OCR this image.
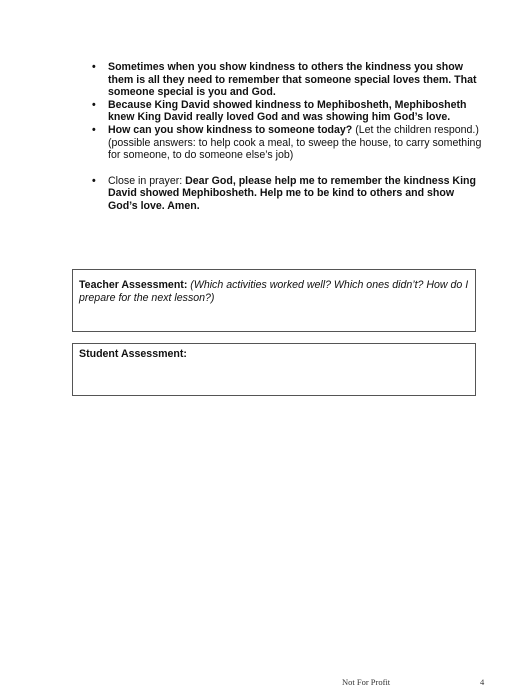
• Sometimes when you show kindness to others the kindness you show them is all they need to remember that someone special loves them. That someone special is you and God.
• Because King David showed kindness to Mephibosheth, Mephibosheth knew King David really loved God and was showing him God’s love.
• How can you show kindness to someone today? (Let the children respond.) (possible answers: to help cook a meal, to sweep the house, to carry something for someone, to do someone else’s job)
• Close in prayer: Dear God, please help me to remember the kindness King David showed Mephibosheth. Help me to be kind to others and show God’s love. Amen.
Teacher Assessment: (Which activities worked well? Which ones didn’t? How do I prepare for the next lesson?)
Student Assessment:
Not For Profit	4
